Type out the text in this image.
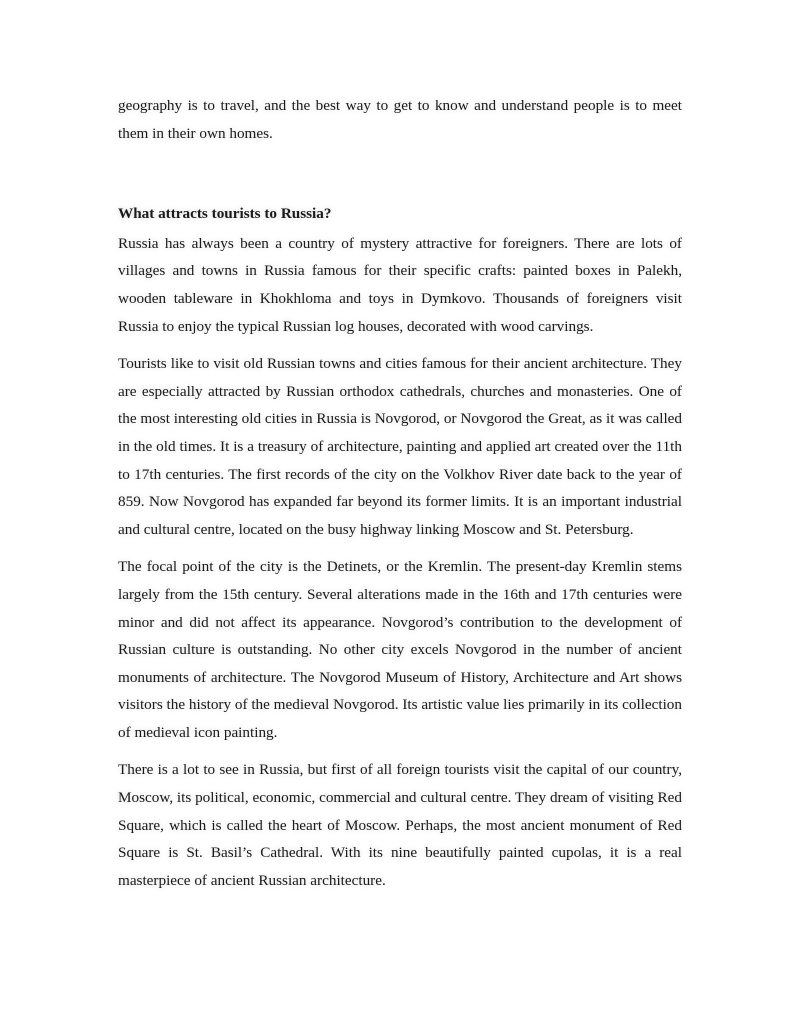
geography is to travel, and the best way to get to know and understand people is to meet them in their own homes.

What attracts tourists to Russia?

Russia has always been a country of mystery attractive for foreigners. There are lots of villages and towns in Russia famous for their specific crafts: painted boxes in Palekh, wooden tableware in Khokhloma and toys in Dymkovo. Thousands of foreigners visit Russia to enjoy the typical Russian log houses, decorated with wood carvings.

Tourists like to visit old Russian towns and cities famous for their ancient architecture. They are especially attracted by Russian orthodox cathedrals, churches and monasteries. One of the most interesting old cities in Russia is Novgorod, or Novgorod the Great, as it was called in the old times. It is a treasury of architecture, painting and applied art created over the 11th to 17th centuries. The first records of the city on the Volkhov River date back to the year of 859. Now Novgorod has expanded far beyond its former limits. It is an important industrial and cultural centre, located on the busy highway linking Moscow and St. Petersburg.

The focal point of the city is the Detinets, or the Kremlin. The present-day Kremlin stems largely from the 15th century. Several alterations made in the 16th and 17th centuries were minor and did not affect its appearance. Novgorod’s contribution to the development of Russian culture is outstanding. No other city excels Novgorod in the number of ancient monuments of architecture. The Novgorod Museum of History, Architecture and Art shows visitors the history of the medieval Novgorod. Its artistic value lies primarily in its collection of medieval icon painting.

There is a lot to see in Russia, but first of all foreign tourists visit the capital of our country, Moscow, its political, economic, commercial and cultural centre. They dream of visiting Red Square, which is called the heart of Moscow. Perhaps, the most ancient monument of Red Square is St. Basil’s Cathedral. With its nine beautifully painted cupolas, it is a real masterpiece of ancient Russian architecture.
